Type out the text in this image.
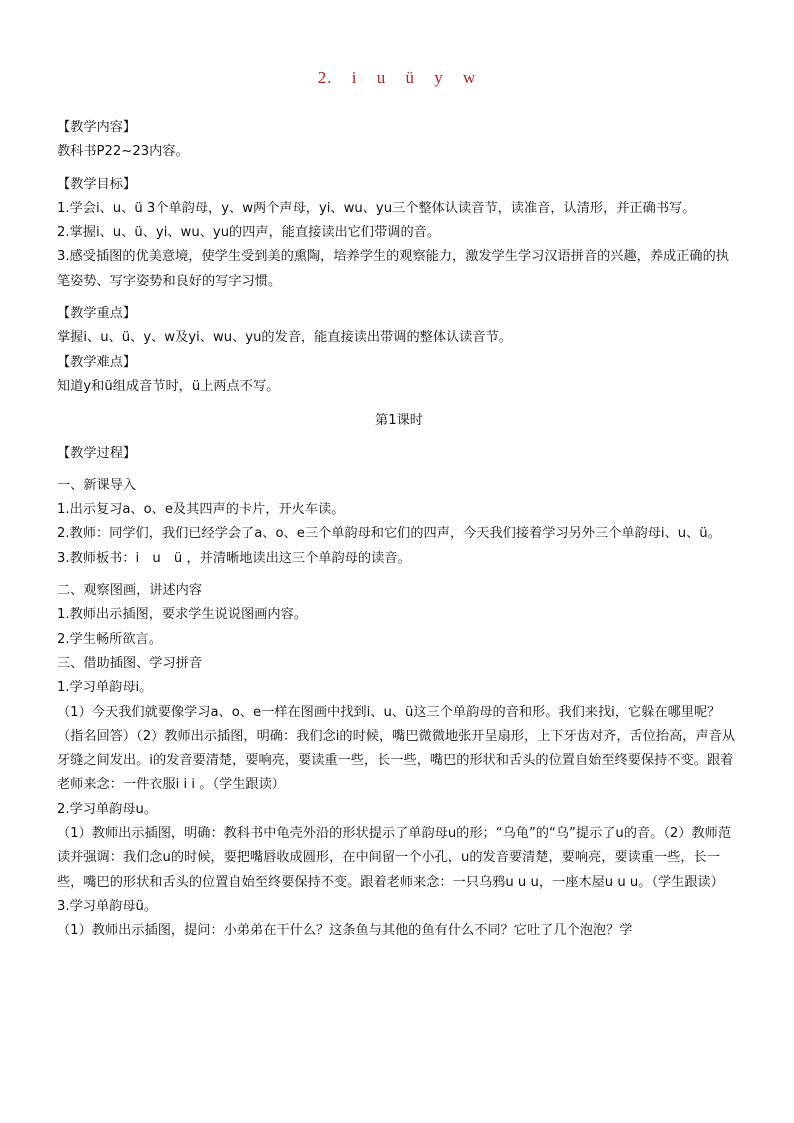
2. i u ü y w

【教学内容】

教科书P22~23内容。

【教学目标】

1.学会i、u、ü 3个单韵母，y、w两个声母，yi、wu、yu三个整体认读音节，读准音，认清形，并正确书写。

2.掌握i、u、ü、yi、wu、yu的四声，能直接读出它们带调的音。

3.感受插图的优美意境，使学生受到美的熏陶，培养学生的观察能力，激发学生学习汉语拼音的兴趣，养成正确的执笔姿势、写字姿势和良好的写字习惯。

【教学重点】

掌握i、u、ü、y、w及yi、wu、yu的发音，能直接读出带调的整体认读音节。

【教学难点】

知道y和ü组成音节时，ü上两点不写。

第1课时

【教学过程】

一、新课导入

1.出示复习a、o、e及其四声的卡片，开火车读。

2.教师：同学们，我们已经学会了a、o、e三个单韵母和它们的四声，今天我们接着学习另外三个单韵母i、u、ü。

3.教师板书：i　u　ü ，并清晰地读出这三个单韵母的读音。

二、观察图画，讲述内容

1.教师出示插图，要求学生说说图画内容。

2.学生畅所欲言。

三、借助插图、学习拼音

1.学习单韵母i。

（1）今天我们就要像学习a、o、e一样在图画中找到i、u、ü这三个单韵母的音和形。我们来找i，它躲在哪里呢？（指名回答）（2）教师出示插图，明确：我们念i的时候，嘴巴微微地张开呈扇形，上下牙齿对齐，舌位抬高，声音从牙缝之间发出。i的发音要清楚，要响亮，要读重一些，长一些，嘴巴的形状和舌头的位置自始至终要保持不变。跟着老师来念：一件衣服i i i 。（学生跟读）

2.学习单韵母u。

（1）教师出示插图，明确：教科书中龟壳外沿的形状提示了单韵母u的形；“乌龟”的“乌”提示了u的音。（2）教师范读并强调：我们念u的时候，要把嘴唇收成圆形，在中间留一个小孔，u的发音要清楚，要响亮，要读重一些，长一些，嘴巴的形状和舌头的位置自始至终要保持不变。跟着老师来念：一只乌鸦u u u，一座木屋u u u。（学生跟读）

3.学习单韵母ü。

（1）教师出示插图，提问：小弟弟在干什么？这条鱼与其他的鱼有什么不同？它吐了几个泡泡？学
